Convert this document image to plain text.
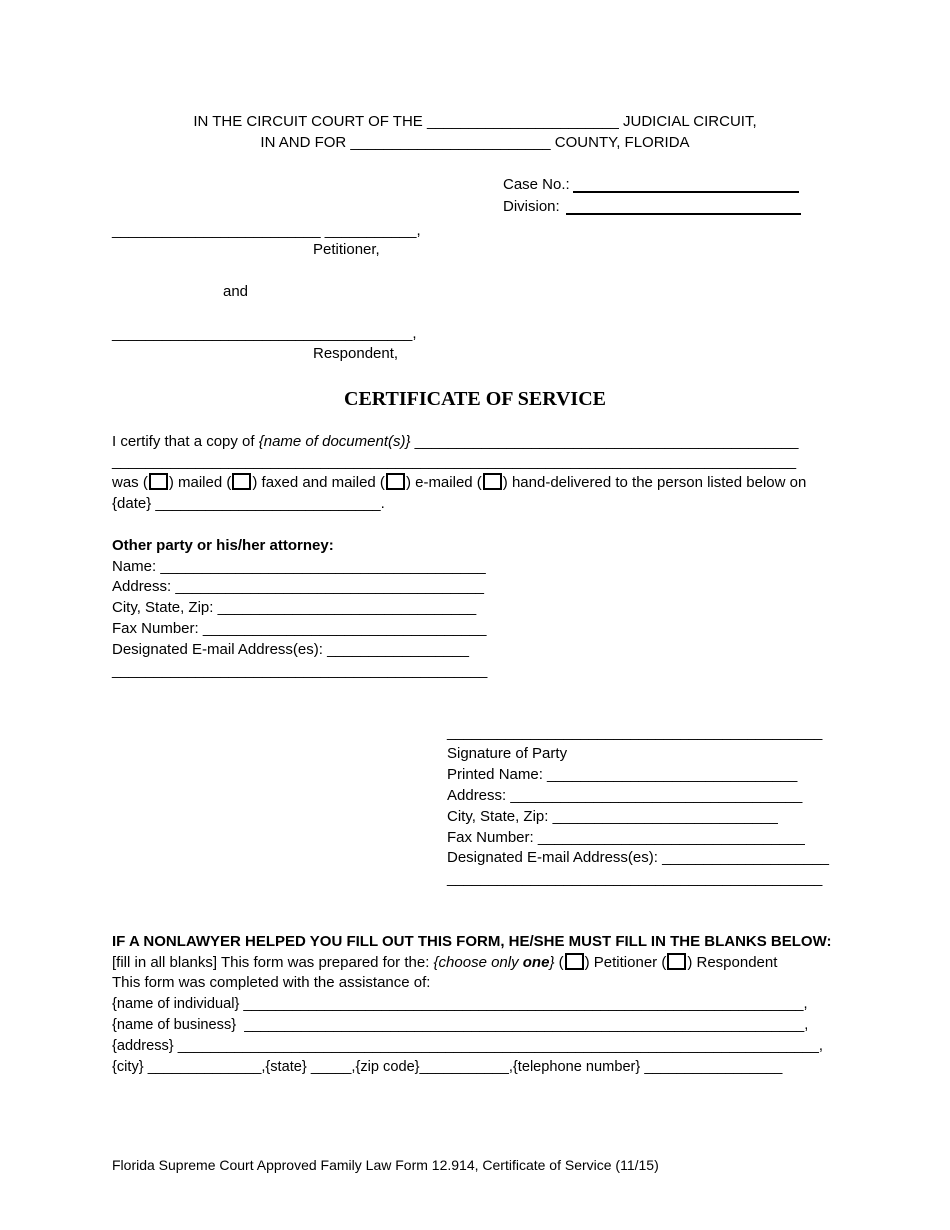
IN THE CIRCUIT COURT OF THE _______________________ JUDICIAL CIRCUIT,
IN AND FOR ________________________ COUNTY, FLORIDA
Case No.:
Division:
_________________________ ___________,
Petitioner,
and
____________________________________,
Respondent,
CERTIFICATE OF SERVICE
I certify that a copy of {name of document(s)} ______________________________________________
__________________________________________________________________________________
was ( ) mailed ( ) faxed and mailed ( ) e-mailed ( ) hand-delivered to the person listed below on
{date} ___________________________.
Other party or his/her attorney:
Name: _______________________________________
Address: _____________________________________
City, State, Zip: _______________________________
Fax Number: __________________________________
Designated E-mail Address(es): _________________
_____________________________________________
_____________________________________________
Signature of Party
Printed Name: ______________________________
Address: ___________________________________
City, State, Zip: ___________________________
Fax Number: ________________________________
Designated E-mail Address(es): ____________________
_____________________________________________
IF A NONLAWYER HELPED YOU FILL OUT THIS FORM, HE/SHE MUST FILL IN THE BLANKS BELOW:
[fill in all blanks] This form was prepared for the: {choose only one} ( ) Petitioner ( ) Respondent
This form was completed with the assistance of:
{name of individual} _____________________________________________________________________,
{name of business}  _____________________________________________________________________,
{address} _______________________________________________________________________________,
{city} ______________,{state} _____,{zip code}___________,{telephone number} _________________
Florida Supreme Court Approved Family Law Form 12.914, Certificate of Service (11/15)
